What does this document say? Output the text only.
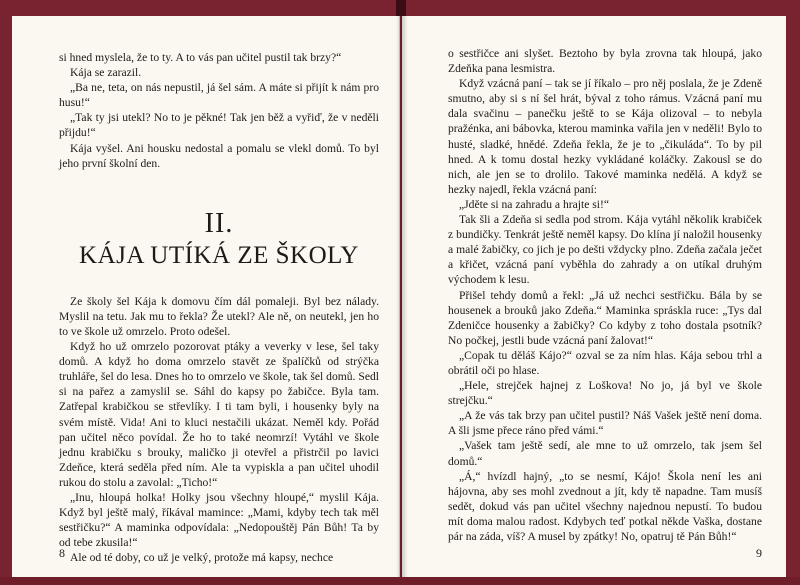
si hned myslela, že to ty. A to vás pan učitel pustil tak brzy?“

Kája se zarazil.

„Ba ne, teta, on nás nepustil, já šel sám. A máte si přijít k nám pro husu!“

„Tak ty jsi utekl? No to je pěkné! Tak jen běž a vyřiď, že v neděli přijdu!“

Kája vyšel. Ani housku nedostal a pomalu se vlekl domů. To byl jeho první školní den.

II.
KÁJA UTÍKÁ ZE ŠKOLY

Ze školy šel Kája k domovu čím dál pomaleji. Byl bez nálady. Myslil na tetu. Jak mu to řekla? Že utekl? Ale ně, on neutekl, jen ho to ve škole už omrzelo. Proto odešel.

Když ho už omrzelo pozorovat ptáky a veverky v lese, šel taky domů. A když ho doma omrzelo stavět ze špalíčků od strýčka truhláře, šel do lesa. Dnes ho to omrzelo ve škole, tak šel domů. Sedl si na pařez a zamyslil se. Sáhl do kapsy po žabičce. Byla tam. Zatřepal krabičkou se střevlíky. I ti tam byli, i housenky byly na svém místě. Vida! Ani to kluci nestačili ukázat. Neměl kdy. Pořád pan učitel něco povídal. Že ho to také neomrzí! Vytáhl ve škole jednu krabičku s brouky, maličko ji otevřel a přistrčil po lavici Zdeňce, která seděla před ním. Ale ta vypiskla a pan učitel uhodil rukou do stolu a zavolal: „Ticho!“

„Inu, hloupá holka! Holky jsou všechny hloupé,“ myslil Kája. Když byl ještě malý, říkával mamince: „Mami, kdyby tech tak měl sestřičku?“ A maminka odpovídala: „Nedopouštěj Pán Bůh! Ta by od tebe zkusila!“

Ale od té doby, co už je velký, protože má kapsy, nechce

8

o sestřičce ani slyšet. Beztoho by byla zrovna tak hloupá, jako Zdeňka pana lesmistra.

Když vzácná paní – tak se jí říkalo – pro něj poslala, že je Zdeně smutno, aby si s ní šel hrát, býval z toho rámus. Vzácná paní mu dala svačinu – panečku ještě to se Kája olizoval – to nebyla pražénka, ani bábovka, kterou maminka vařila jen v neděli! Bylo to husté, sladké, hnědé. Zdeňa řekla, že je to „čikuláda“. To by pil hned. A k tomu dostal hezky vykládané koláčky. Zakousl se do nich, ale jen se to drolilo. Takové maminka nedělá. A když se hezky najedl, řekla vzácná paní:

„Jděte si na zahradu a hrajte si!“

Tak šli a Zdeňa si sedla pod strom. Kája vytáhl několik krabiček z bundičky. Tenkrát ještě neměl kapsy. Do klína jí naložil housenky a malé žabičky, co jich je po dešti vždycky plno. Zdeňa začala ječet a křičet, vzácná paní vyběhla do zahrady a on utíkal druhým východem k lesu.

Přišel tehdy domů a řekl: „Já už nechci sestřičku. Bála by se housenek a brouků jako Zdeňa.“ Maminka spráskla ruce: „Tys dal Zdeničce housenky a žabičky? Co kdyby z toho dostala psotník? No počkej, jestli bude vzácná paní žalovat!“

„Copak tu děláš Kájo?“ ozval se za ním hlas. Kája sebou trhl a obrátil oči po hlase.

„Hele, strejček hajnej z Loškova! No jo, já byl ve škole strejčku.“

„A že vás tak brzy pan učitel pustil? Náš Vašek ještě není doma. A šli jsme přece ráno před vámi.“

„Vašek tam ještě sedí, ale mne to už omrzelo, tak jsem šel domů.“

„Á,“ hvízdl hajný, „to se nesmí, Kájo! Škola není les ani hájovna, aby ses mohl zvednout a jít, kdy tě napadne. Tam musíš sedět, dokud vás pan učitel všechny najednou nepustí. To budou mít doma malou radost. Kdybych teď potkal někde Vaška, dostane pár na záda, víš? A musel by zpátky! No, opatruj tě Pán Bůh!“

9
